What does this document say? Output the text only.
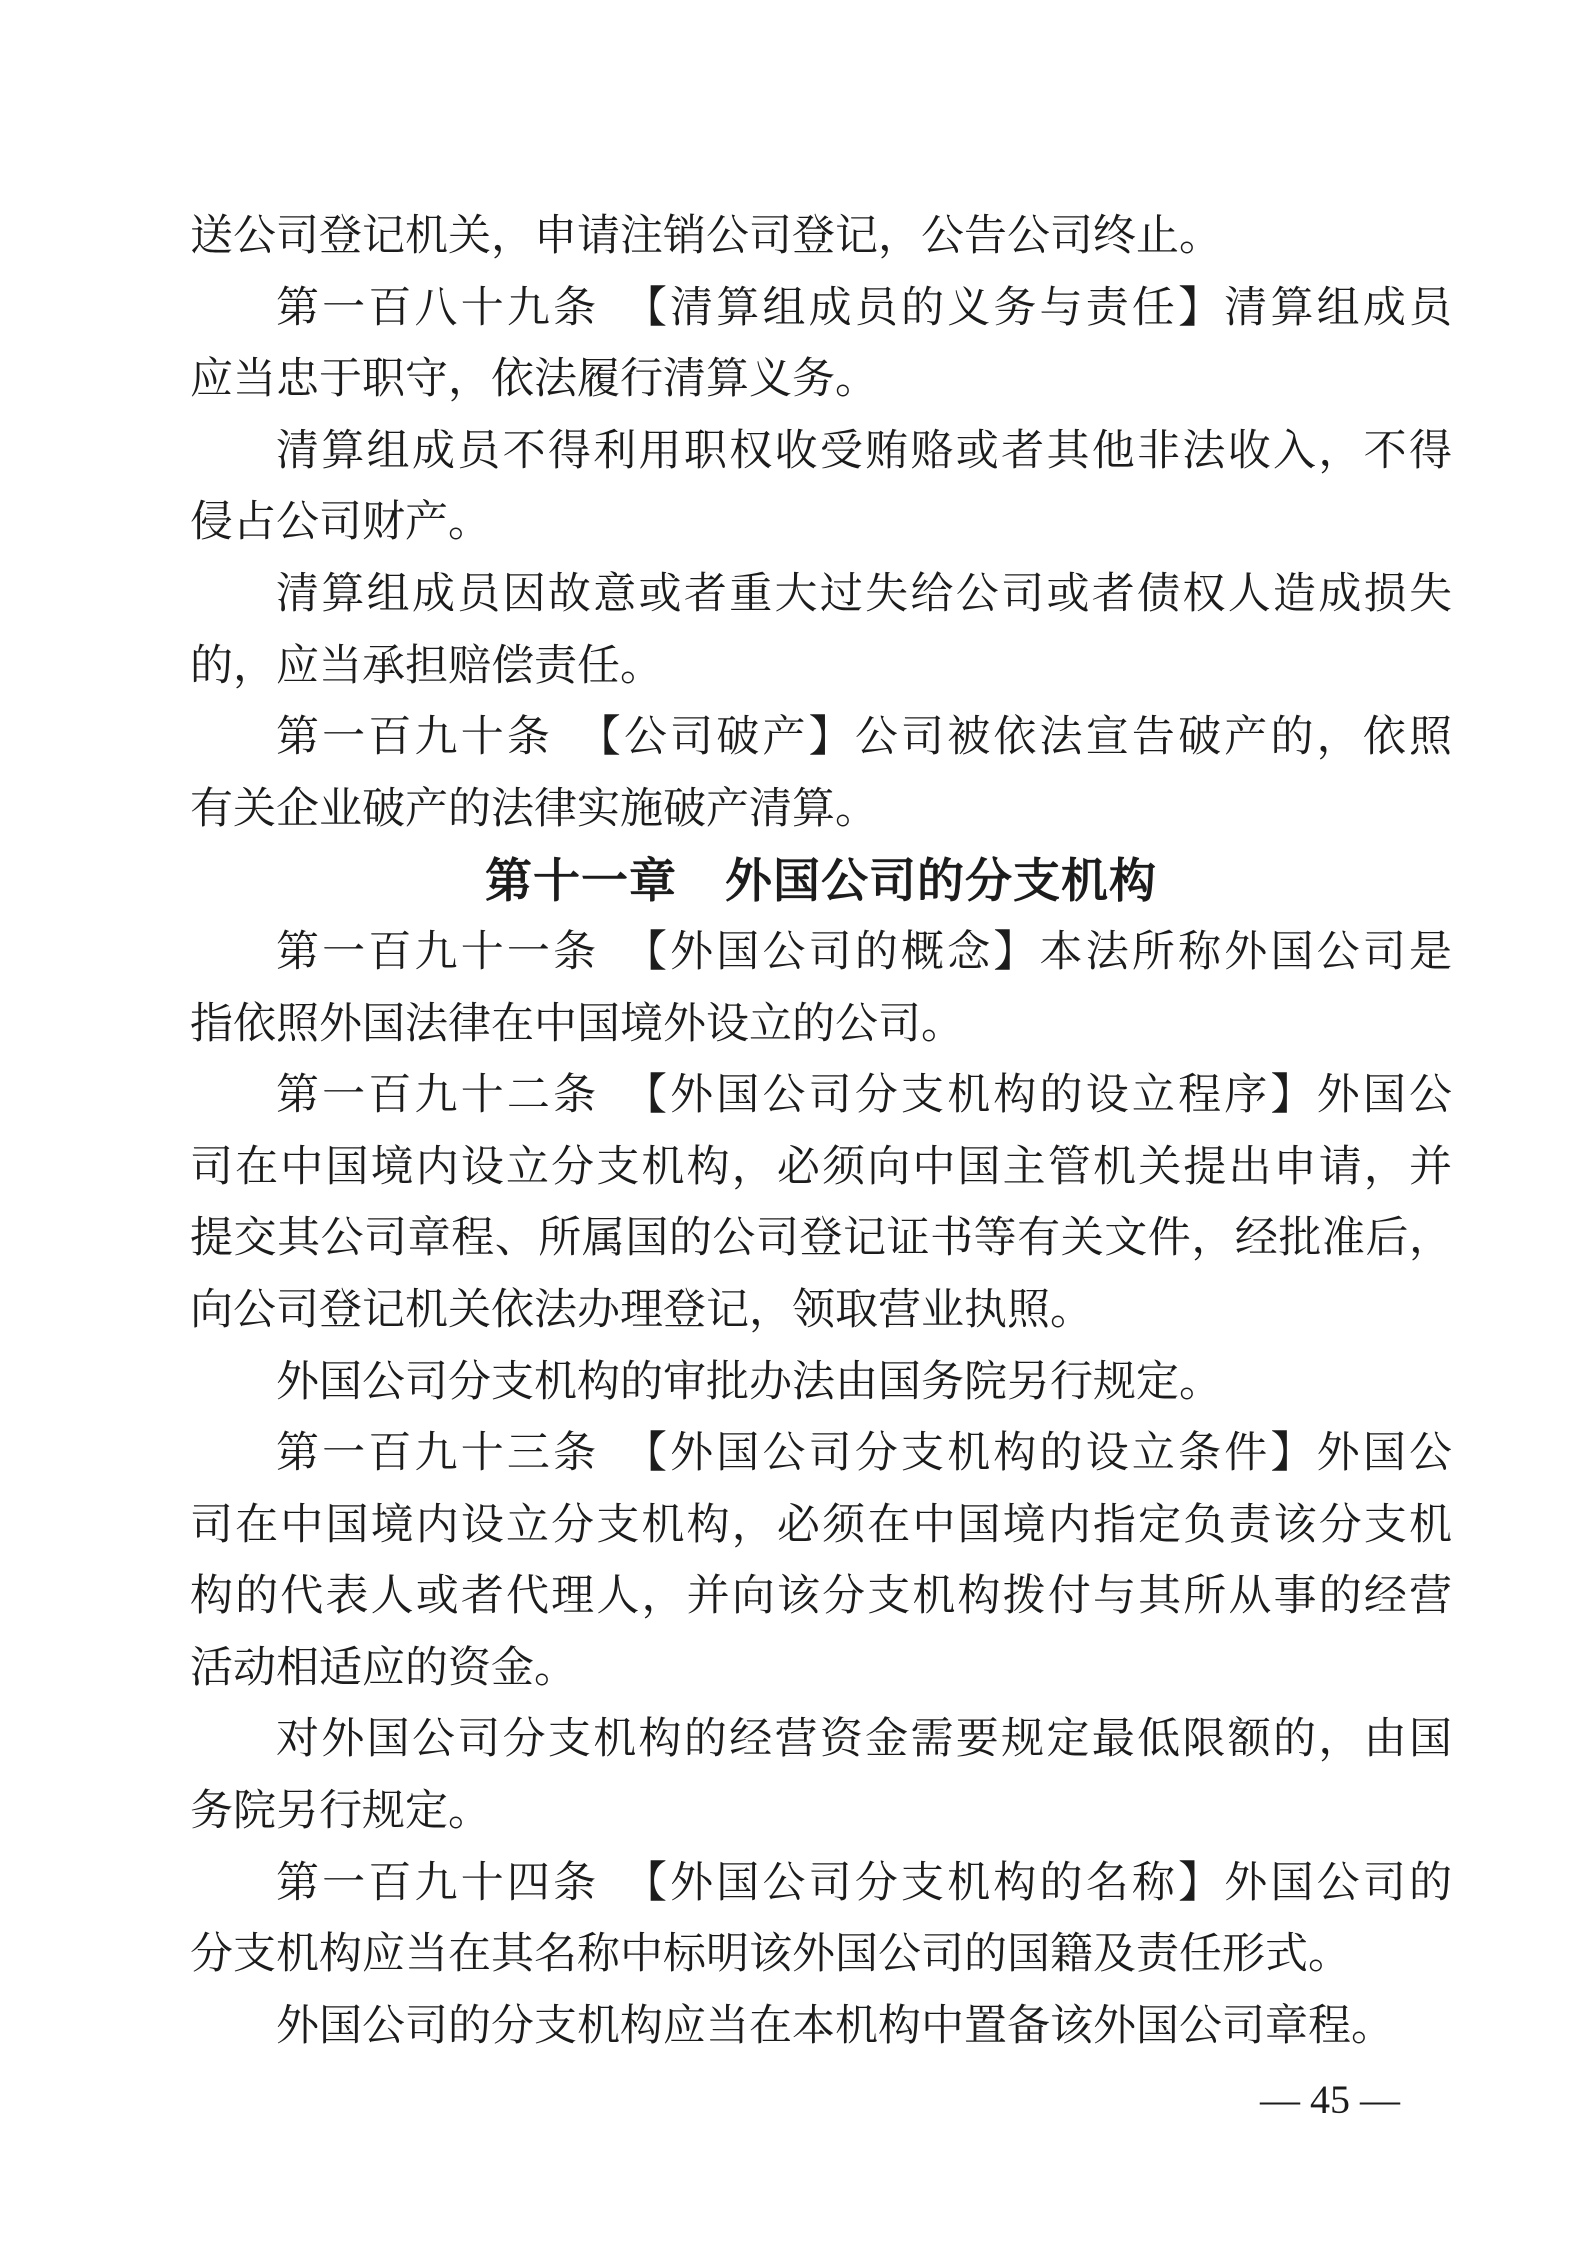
送公司登记机关，申请注销公司登记，公告公司终止。
第一百八十九条　【清算组成员的义务与责任】清算组成员
应当忠于职守，依法履行清算义务。
清算组成员不得利用职权收受贿赂或者其他非法收入，不得
侵占公司财产。
清算组成员因故意或者重大过失给公司或者债权人造成损失
的，应当承担赔偿责任。
第一百九十条　【公司破产】公司被依法宣告破产的，依照
有关企业破产的法律实施破产清算。
第十一章　外国公司的分支机构
第一百九十一条　【外国公司的概念】本法所称外国公司是
指依照外国法律在中国境外设立的公司。
第一百九十二条　【外国公司分支机构的设立程序】外国公
司在中国境内设立分支机构，必须向中国主管机关提出申请，并
提交其公司章程、所属国的公司登记证书等有关文件，经批准后，
向公司登记机关依法办理登记，领取营业执照。
外国公司分支机构的审批办法由国务院另行规定。
第一百九十三条　【外国公司分支机构的设立条件】外国公
司在中国境内设立分支机构，必须在中国境内指定负责该分支机
构的代表人或者代理人，并向该分支机构拨付与其所从事的经营
活动相适应的资金。
对外国公司分支机构的经营资金需要规定最低限额的，由国
务院另行规定。
第一百九十四条　【外国公司分支机构的名称】外国公司的
分支机构应当在其名称中标明该外国公司的国籍及责任形式。
外国公司的分支机构应当在本机构中置备该外国公司章程。
— 45 —
